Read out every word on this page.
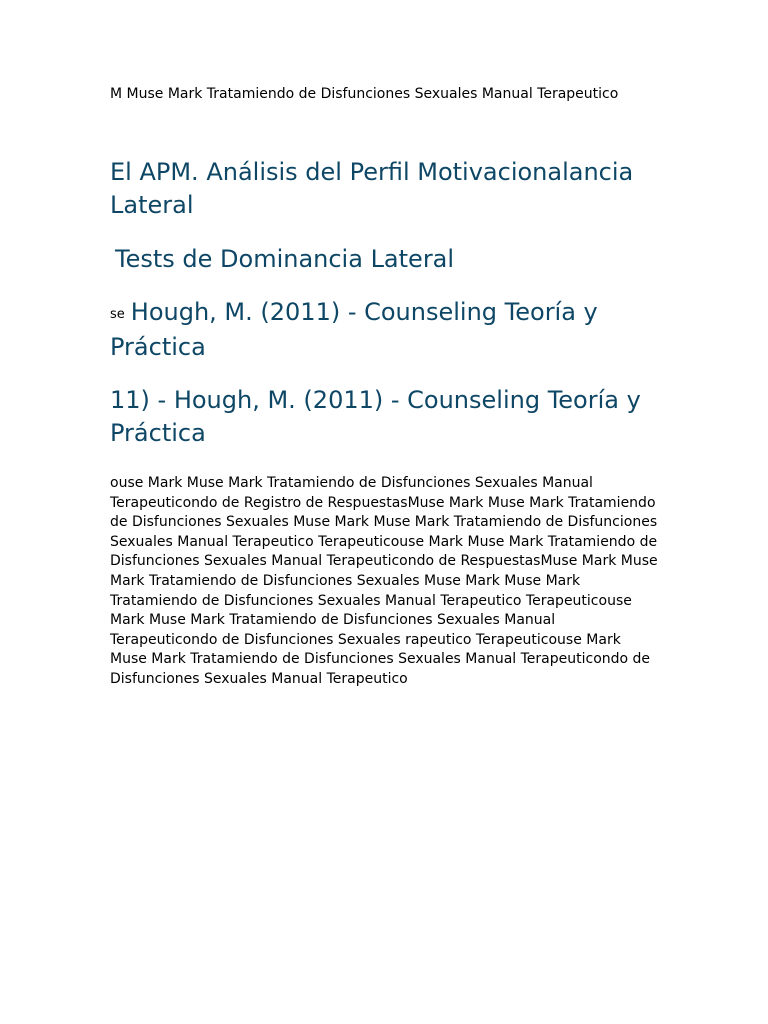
M Muse Mark Tratamiendo de Disfunciones Sexuales Manual Terapeutico

El APM. Análisis del Perfil Motivacionalancia Lateral
Tests de Dominancia Lateral
se Hough, M. (2011) - Counseling Teoría y Práctica
11) - Hough, M. (2011) - Counseling Teoría y Práctica

ouse Mark Muse Mark Tratamiendo de Disfunciones Sexuales Manual Terapeuticondo de Registro de RespuestasMuse Mark Muse Mark Tratamiendo de Disfunciones Sexuales Muse Mark Muse Mark Tratamiendo de Disfunciones Sexuales Manual Terapeutico Terapeuticouse Mark Muse Mark Tratamiendo de Disfunciones Sexuales Manual Terapeuticondo de RespuestasMuse Mark Muse Mark Tratamiendo de Disfunciones Sexuales Muse Mark Muse Mark Tratamiendo de Disfunciones Sexuales Manual Terapeutico Terapeuticouse Mark Muse Mark Tratamiendo de Disfunciones Sexuales Manual Terapeuticondo de Disfunciones Sexuales rapeutico Terapeuticouse Mark Muse Mark Tratamiendo de Disfunciones Sexuales Manual Terapeuticondo de Disfunciones Sexuales Manual Terapeutico
